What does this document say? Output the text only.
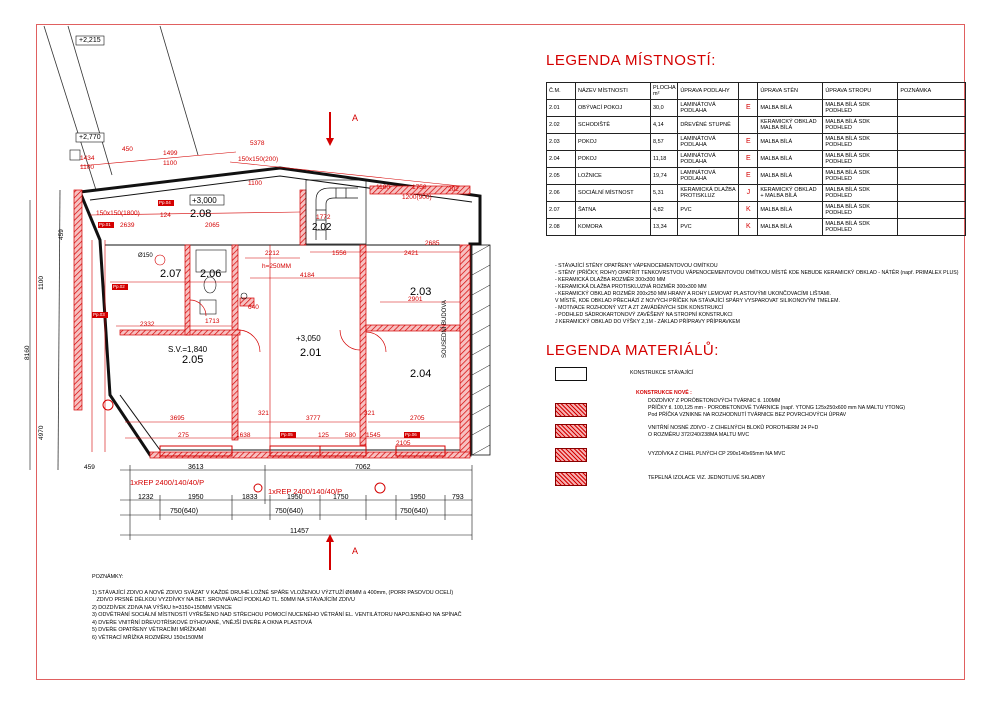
+2,215
+2,770
+3,000
+3,050
S.V.=1,840	2.01
2.02
2.03
2.04
2.05
2.06
2.07
2.08
A
A
SOUSEDNÍ BUDOVA
150x150(200)
150x150(1800)
1200(900)
1xREP 2400/140/40/P
1xREP 2400/140/40/P
h=250MM
Ø150
Pp.01
Pp.02
Pp.03
Pp.04
Pp.05	Pp.06
5378
450
1434
1100
1499
1100
1750	202
1100
1100
2639
124
2212
2065
1772
1556	2421
4184
3695	3777	2705
2901
1713
2332
275	1638	1545
125 580
2105
321	321
640
2685
3613	7062
1232	1950	1833	1950	1750	1950	793
750(640)	750(640)	750(640)
11457
459
459
8160
1100
4970
LEGENDA MÍSTNOSTÍ:
Č.M.	NÁZEV MÍSTNOSTI	PLOCHA m²	ÚPRAVA PODLAHY		ÚPRAVA STĚN	ÚPRAVA STROPU	POZNÁMKA
2.01	OBÝVACÍ POKOJ	30,0	LAMINÁTOVÁ PODLAHA	E	MALBA BÍLÁ	MALBA BÍLÁ SDK PODHLED	
2.02	SCHODIŠTĚ	4,14	DŘEVĚNÉ STUPNĚ		KERAMICKÝ OBKLAD MALBA BÍLÁ	MALBA BÍLÁ SDK PODHLED	
2.03	POKOJ	8,57	LAMINÁTOVÁ PODLAHA	E	MALBA BÍLÁ	MALBA BÍLÁ SDK PODHLED	
2.04	POKOJ	11,18	LAMINÁTOVÁ PODLAHA	E	MALBA BÍLÁ	MALBA BÍLÁ SDK PODHLED	
2.05	LOŽNICE	19,74	LAMINÁTOVÁ PODLAHA	E	MALBA BÍLÁ	MALBA BÍLÁ SDK PODHLED	
2.06	SOCIÁLNÍ MÍSTNOST	5,31	KERAMICKÁ DLAŽBA PROTISKLUZ	J	KERAMICKÝ OBKLAD + MALBA BÍLÁ	MALBA BÍLÁ SDK PODHLED	
2.07	ŠATNA	4,82	PVC	K	MALBA BÍLÁ	MALBA BÍLÁ SDK PODHLED	
2.08	KOMORA	13,34	PVC	K	MALBA BÍLÁ	MALBA BÍLÁ SDK PODHLED	
- STÁVAJÍCÍ STĚNY OPATŘENY VÁPENOCEMENTOVOU OMÍTKOU
- STĚNY (PŘÍČKY, ROHY) OPATŘIT TENKOVRSTVOU VÁPENOCEMENTOVOU OMÍTKOU MÍSTĚ KDE NEBUDE KERAMICKÝ OBKLAD - NÁTĚR (např. PRIMALEX PLUS)
- KERAMICKÁ DLAŽBA ROZMĚR 300x300 MM
- KERAMICKÁ DLAŽBA PROTISKLUZNÁ ROZMĚR 300x300 MM
- KERAMICKÝ OBKLAD ROZMĚR 200x250 MM HRANY A ROHY LEMOVAT PLASTOVÝMI UKONČOVACÍMI LIŠTAMI.
V MÍSTĚ, KDE OBKLAD PŘECHÁZÍ Z NOVÝCH PŘÍČEK NA STÁVAJÍCÍ SPÁRY VYSPAROVAT SILIKONOVÝM TMELEM.
- MOTIVACE ROZHODNÝ VZT A ZT ZAVÁDĚNÝCH SDK KONSTRUKCÍ
- PODHLED SÁDROKARTONOVÝ ZAVĚŠENÝ NA STROPNÍ KONSTRUKCI
J KERAMICKÝ OBKLAD DO VÝŠKY 2,1M - ZÁKLAD PŘÍPRAVY PŘÍPRAVKEM
LEGENDA MATERIÁLŮ:
KONSTRUKCE STÁVAJÍCÍ
KONSTRUKCE NOVÉ :
DOZDÍVKY Z PORÓBETONOVÝCH TVÁRNIC tl. 100MM
PŘÍČKY tl. 100,125 mm - POROBETONOVÉ TVÁRNICE (např. YTONG 125x250x600 mm NA MALTU YTONG)
Pod PŘÍČKA VZNIKNE NA ROZHODNUTÍ TVÁRNICE BEZ POVRCHOVÝCH ÚPRAV
VNITŘNÍ NOSNÉ ZDIVO - Z CIHELNÝCH BLOKŮ POROTHERM 24 P+D
O ROZMĚRU 372/240/238MA MALTU MVC
VYZDÍVKA Z CIHEL PLNÝCH CP 290x140x65mm NA MVC
TEPELNÁ IZOLACE VIZ. JEDNOTLIVÉ SKLADBY
POZNÁMKY:
1) STÁVAJÍCÍ ZDIVO A NOVÉ ZDIVO SVÁZAT V KAŽDÉ DRUHÉ LOŽNÉ SPÁŘE VLOŽENOU VÝZTUŽÍ Ø6MM á 400mm, (PORR PASOVOU OCELÍ)
ZDIVO PRSNÉ DÉLKOU VYZDÍVKY NA BET. SROVNÁVACÍ PODKLAD TL. 50MM NA STÁVAJÍCÍM ZDIVU
2) DOZDÍVEK ZDIVA NA VÝŠKU h=3150+150MM VENCE
3) ODVĚTRÁNÍ SOCIÁLNÍ MÍSTNOSTÍ VYŘEŠENO NAD STŘECHOU POMOCÍ NUCENÉHO VĚTRÁNÍ EL. VENTILÁTORU NAPOJENÉHO NA SPÍNAČ
4) DVEŘE VNITŘNÍ DŘEVOTŘÍSKOVÉ DÝHOVANÉ, VNĚJŠÍ DVEŘE A OKNA PLASTOVÁ
5) DVEŘE OPATŘENY VĚTRACÍMI MŘÍŽKAMI
6) VĚTRACÍ MŘÍŽKA ROZMĚRU 150x150MM
